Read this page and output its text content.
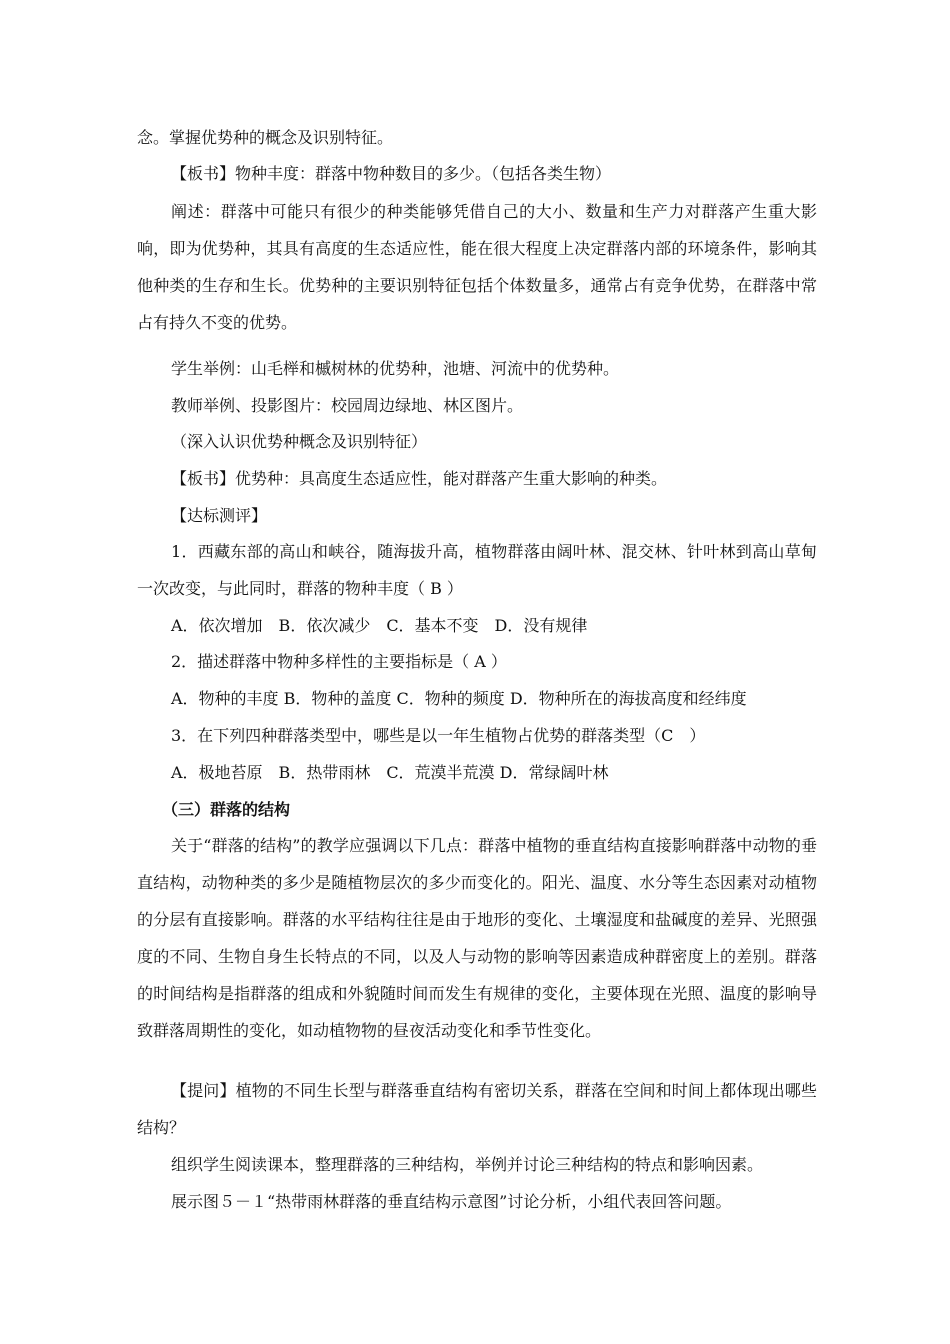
念。掌握优势种的概念及识别特征。

【板书】物种丰度：群落中物种数目的多少。（包括各类生物）

阐述：群落中可能只有很少的种类能够凭借自己的大小、数量和生产力对群落产生重大影响，即为优势种，其具有高度的生态适应性，能在很大程度上决定群落内部的环境条件，影响其他种类的生存和生长。优势种的主要识别特征包括个体数量多，通常占有竞争优势，在群落中常占有持久不变的优势。

学生举例：山毛榉和槭树林的优势种，池塘、河流中的优势种。

教师举例、投影图片：校园周边绿地、林区图片。

（深入认识优势种概念及识别特征）

【板书】优势种：具高度生态适应性，能对群落产生重大影响的种类。

【达标测评】

1．西藏东部的高山和峡谷，随海拔升高，植物群落由阔叶林、混交林、针叶林到高山草甸一次改变，与此同时，群落的物种丰度（ B ）

A．依次增加　B．依次减少　C．基本不变　D．没有规律

2．描述群落中物种多样性的主要指标是（ A ）

A．物种的丰度 B．物种的盖度 C．物种的频度 D．物种所在的海拔高度和经纬度

3．在下列四种群落类型中，哪些是以一年生植物占优势的群落类型（C　）

A．极地苔原　B．热带雨林　C．荒漠半荒漠 D．常绿阔叶林

（三）群落的结构

关于“群落的结构”的教学应强调以下几点：群落中植物的垂直结构直接影响群落中动物的垂直结构，动物种类的多少是随植物层次的多少而变化的。阳光、温度、水分等生态因素对动植物的分层有直接影响。群落的水平结构往往是由于地形的变化、土壤湿度和盐碱度的差异、光照强度的不同、生物自身生长特点的不同，以及人与动物的影响等因素造成种群密度上的差别。群落的时间结构是指群落的组成和外貌随时间而发生有规律的变化，主要体现在光照、温度的影响导致群落周期性的变化，如动植物物的昼夜活动变化和季节性变化。

【提问】植物的不同生长型与群落垂直结构有密切关系，群落在空间和时间上都体现出哪些结构？

组织学生阅读课本，整理群落的三种结构，举例并讨论三种结构的特点和影响因素。

展示图５－１“热带雨林群落的垂直结构示意图”讨论分析，小组代表回答问题。
